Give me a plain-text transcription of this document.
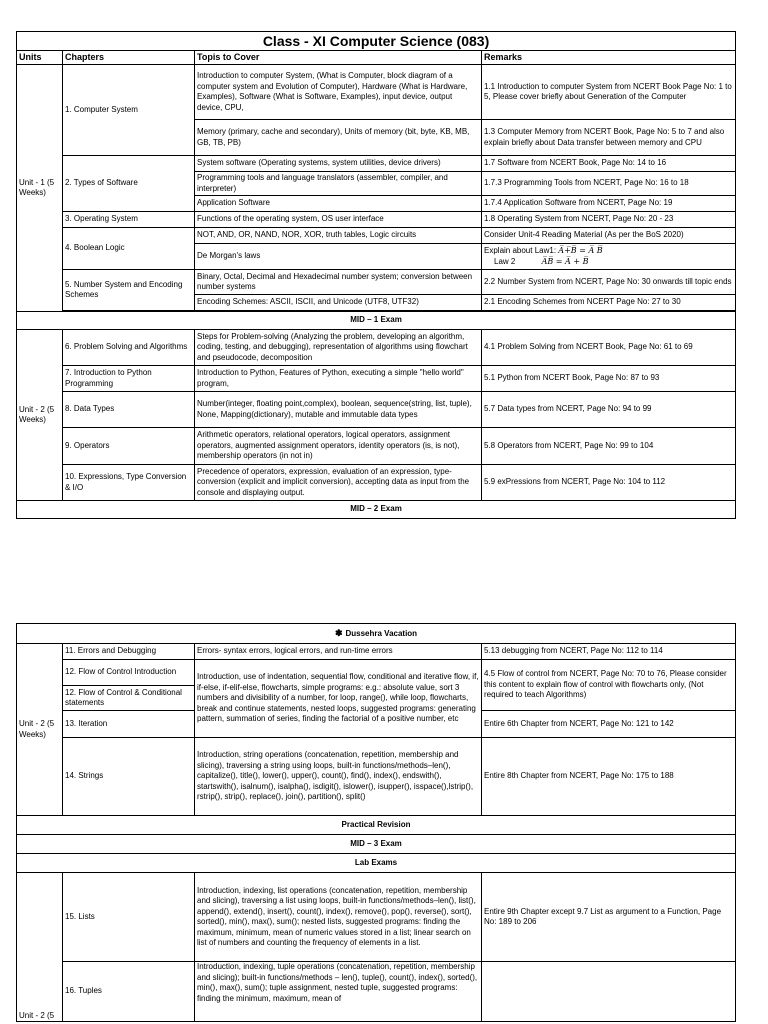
Class - XI Computer Science (083)			
Units	Chapters	Topis to Cover	Remarks
Unit - 1 (5 Weeks)	1. Computer System	Introduction to computer System, (What is Computer, block diagram of a computer system and Evolution of Computer), Hardware (What is Hardware, Examples), Software (What is Software, Examples), input device, output device, CPU,	1.1 Introduction to computer System from NCERT Book Page No: 1 to 5, Please cover briefly about Generation of the Computer
		Memory (primary, cache and secondary), Units of memory (bit, byte, KB, MB, GB, TB, PB)	1.3 Computer Memory from NCERT Book, Page No: 5 to 7 and also explain briefly about Data transfer between memory and CPU
	2. Types of Software	System software (Operating systems, system utilities, device drivers)	1.7 Software from NCERT Book, Page No: 14 to 16
		Programming tools and language translators (assembler, compiler, and interpreter)	1.7.3 Programming Tools from NCERT, Page No: 16 to 18
		Application Software	1.7.4 Application Software from NCERT, Page No: 19
	3. Operating System	Functions of the operating system, OS user interface	1.8 Operating System from NCERT, Page No: 20 - 23
	4. Boolean Logic	NOT, AND, OR, NAND, NOR, XOR, truth tables, Logic circuits	Consider Unit-4 Reading Material (As per the BoS 2020)
		De Morgan's laws	Explain about Law1: A̅+̅B̅ = A̅ B̅
Law 2 A̅B̅ = A̅ + B̅

	5. Number System and Encoding Schemes	Binary, Octal, Decimal and Hexadecimal number system; conversion between number systems	2.2 Number System from NCERT, Page No: 30 onwards till topic ends
		Encoding Schemes: ASCII, ISCII, and Unicode (UTF8, UTF32)	2.1 Encoding Schemes from NCERT Page No: 27 to 30

MID – 1 Exam			
Unit - 2 (5 Weeks)	6. Problem Solving and Algorithms	Steps for Problem-solving (Analyzing the problem, developing an algorithm, coding, testing, and debugging), representation of algorithms using flowchart and pseudocode, decomposition	4.1 Problem Solving from NCERT Book, Page No: 61 to 69
	7. Introduction to Python Programming	Introduction to Python, Features of Python, executing a simple "hello world" program,	5.1 Python from NCERT Book, Page No: 87 to 93
	8. Data Types	Number(integer, floating point,complex), boolean, sequence(string, list, tuple), None, Mapping(dictionary), mutable and immutable data types	5.7 Data types from NCERT, Page No: 94 to 99
	9. Operators	Arithmetic operators, relational operators, logical operators, assignment operators, augmented assignment operators, identity operators (is, is not), membership operators (in not in)	5.8 Operators from NCERT, Page No: 99 to 104
	10. Expressions, Type Conversion & I/O	Precedence of operators, expression, evaluation of an expression, type-conversion (explicit and implicit conversion), accepting data as input from the console and displaying output.	5.9 exPressions from NCERT, Page No: 104 to 112
MID – 2 Exam			
✽ Dussehra Vacation			
Unit - 2 (5 Weeks)	11. Errors and Debugging	Errors- syntax errors, logical errors, and run-time errors	5.13 debugging from NCERT, Page No: 112 to 114
	12. Flow of Control Introduction	Introduction, use of indentation, sequential flow, conditional and iterative flow, if, if-else, if-elif-else, flowcharts, simple programs: e.g.: absolute value, sort 3 numbers and divisibility of a number, for loop, range(), while loop, flowcharts, break and continue statements, nested loops, suggested programs: generating pattern, summation of series, finding the factorial of a positive number, etc	4.5 Flow of control from NCERT, Page No: 70 to 76, Please consider this content to explain flow of control with flowcharts only, (Not required to teach Algorithms)
	12. Flow of Control & Conditional statements		
	13. Iteration		Entire 6th Chapter from NCERT, Page No: 121 to 142
	14. Strings	Introduction, string operations (concatenation, repetition, membership and slicing), traversing a string using loops, built-in functions/methods–len(), capitalize(), title(), lower(), upper(), count(), find(), index(), endswith(), startswith(), isalnum(), isalpha(), isdigit(), islower(), isupper(), isspace(),lstrip(), rstrip(), strip(), replace(), join(), partition(), split()	Entire 8th Chapter from NCERT, Page No: 175 to 188
Practical Revision			
MID – 3 Exam			
Lab Exams			
Unit - 2 (5	15. Lists	Introduction, indexing, list operations (concatenation, repetition, membership and slicing), traversing a list using loops, built-in functions/methods–len(), list(), append(), extend(), insert(), count(), index(), remove(), pop(), reverse(), sort(), sorted(), min(), max(), sum(); nested lists, suggested programs: finding the maximum, minimum, mean of numeric values stored in a list; linear search on list of numbers and counting the frequency of elements in a list.	Entire 9th Chapter except 9.7 List as argument to a Function, Page No: 189 to 206
	16. Tuples	Introduction, indexing, tuple operations (concatenation, repetition, membership and slicing); built-in functions/methods – len(), tuple(), count(), index(), sorted(), min(), max(), sum(); tuple assignment, nested tuple, suggested programs: finding the minimum, maximum, mean of	
